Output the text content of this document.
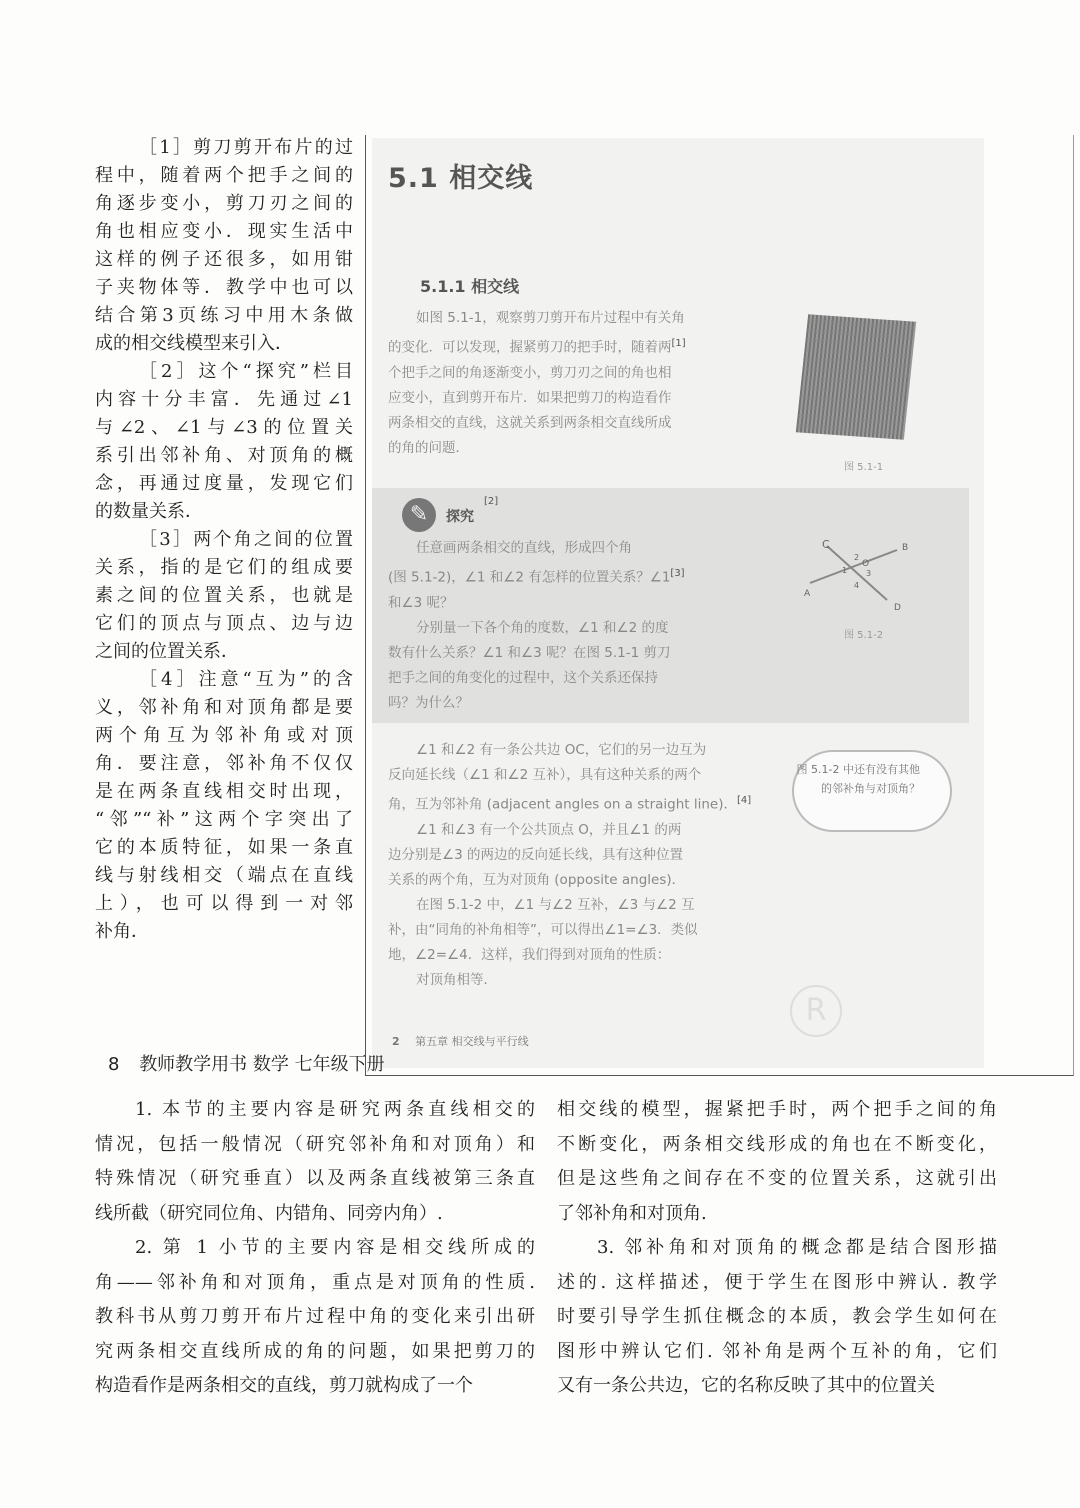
［1］剪刀剪开布片的过
程中，随着两个把手之间的
角逐步变小，剪刀刃之间的
角也相应变小．现实生活中
这样的例子还很多，如用钳
子夹物体等．教学中也可以
结合第3页练习中用木条做
成的相交线模型来引入．
［2］这个“探究”栏目
内容十分丰富．先通过∠1
与∠2、∠1与∠3的位置关
系引出邻补角、对顶角的概
念，再通过度量，发现它们
的数量关系．
［3］两个角之间的位置
关系，指的是它们的组成要
素之间的位置关系，也就是
它们的顶点与顶点、边与边
之间的位置关系．
［4］注意“互为”的含
义，邻补角和对顶角都是要
两个角互为邻补角或对顶
角．要注意，邻补角不仅仅
是在两条直线相交时出现，
“邻”“补”这两个字突出了
它的本质特征，如果一条直
线与射线相交（端点在直线
上），也可以得到一对邻
补角．
5.1 相交线
5.1.1 相交线
如图 5.1-1，观察剪刀剪开布片过程中有关角
的变化．可以发现，握紧剪刀的把手时，随着两[1]
个把手之间的角逐渐变小，剪刀刃之间的角也相
应变小，直到剪开布片．如果把剪刀的构造看作
两条相交的直线，这就关系到两条相交直线所成
的角的问题．
图 5.1-1
✎	探究
[2]
任意画两条相交的直线，形成四个角
(图 5.1-2)，∠1 和∠2 有怎样的位置关系？∠1[3]
和∠3 呢？
分别量一下各个角的度数，∠1 和∠2 的度
数有什么关系？∠1 和∠3 呢？在图 5.1-1 剪刀
把手之间的角变化的过程中，这个关系还保持
吗？为什么？
C	B
A
D
O
1
2
3
4
图 5.1-2
∠1 和∠2 有一条公共边 OC，它们的另一边互为
反向延长线（∠1 和∠2 互补），具有这种关系的两个
角，互为邻补角 (adjacent angles on a straight line)．[4]
∠1 和∠3 有一个公共顶点 O，并且∠1 的两
边分别是∠3 的两边的反向延长线，具有这种位置
关系的两个角，互为对顶角 (opposite angles)．
在图 5.1-2 中，∠1 与∠2 互补，∠3 与∠2 互
补，由“同角的补角相等”，可以得出∠1=∠3．类似
地，∠2=∠4．这样，我们得到对顶角的性质：
对顶角相等．
图 5.1-2 中还有没有其他的邻补角与对顶角？
2 第五章 相交线与平行线
R
1. 本节的主要内容是研究两条直线相交的
情况，包括一般情况（研究邻补角和对顶角）和
特殊情况（研究垂直）以及两条直线被第三条直
线所截（研究同位角、内错角、同旁内角）.
2. 第 1 小节的主要内容是相交线所成的
角——邻补角和对顶角，重点是对顶角的性质.
教科书从剪刀剪开布片过程中角的变化来引出研
究两条相交直线所成的角的问题，如果把剪刀的
构造看作是两条相交的直线，剪刀就构成了一个
相交线的模型，握紧把手时，两个把手之间的角
不断变化，两条相交线形成的角也在不断变化，
但是这些角之间存在不变的位置关系，这就引出
了邻补角和对顶角.
3. 邻补角和对顶角的概念都是结合图形描
述的. 这样描述，便于学生在图形中辨认. 教学
时要引导学生抓住概念的本质，教会学生如何在
图形中辨认它们. 邻补角是两个互补的角，它们
又有一条公共边，它的名称反映了其中的位置关
8 教师教学用书 数学 七年级下册
